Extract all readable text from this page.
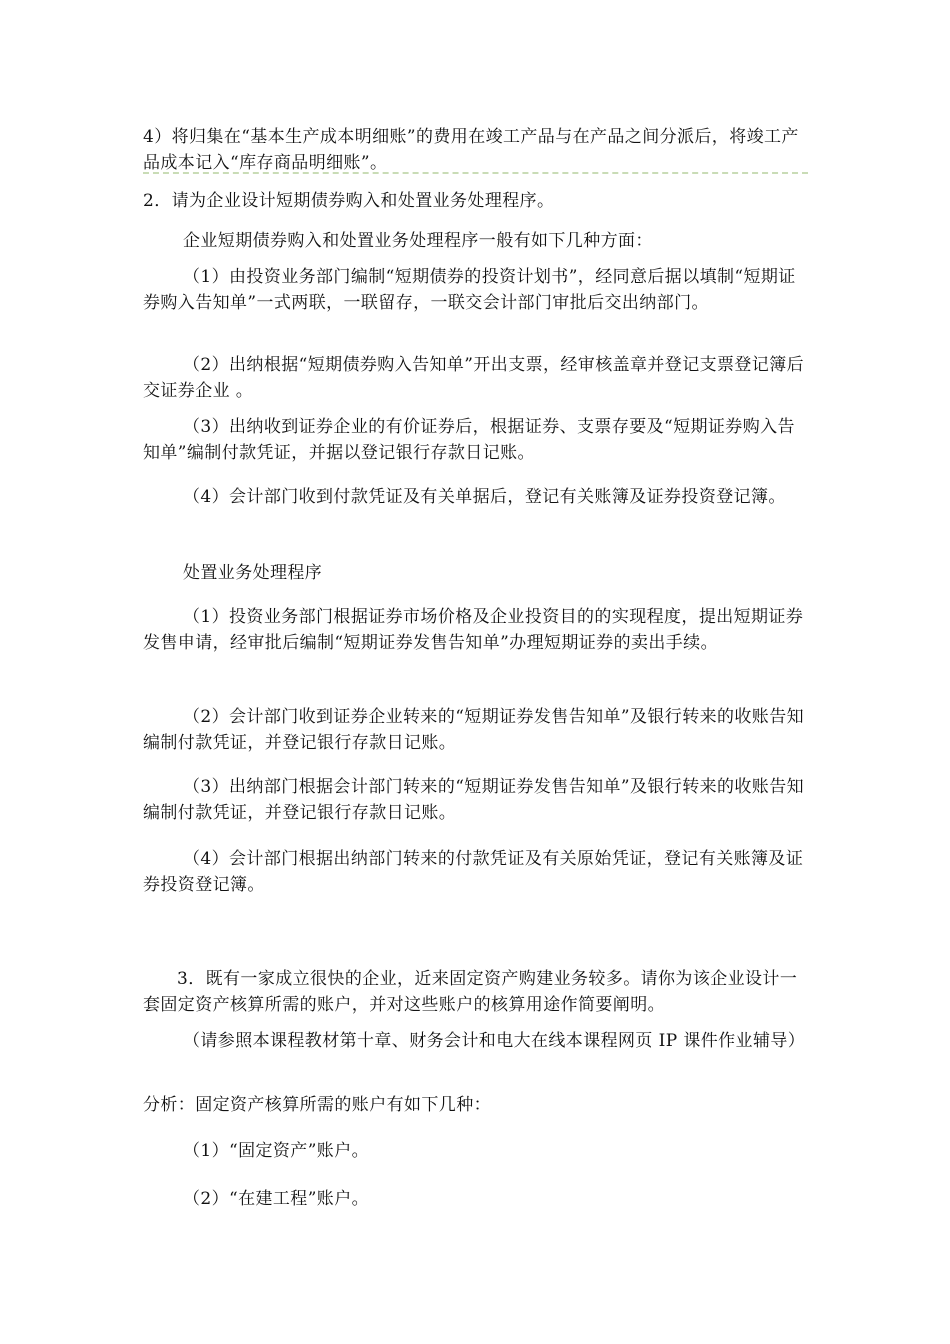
4）将归集在“基本生产成本明细账”的费用在竣工产品与在产品之间分派后，将竣工产品成本记入“库存商品明细账”。

2．请为企业设计短期债券购入和处置业务处理程序。

企业短期债券购入和处置业务处理程序一般有如下几种方面：

（1）由投资业务部门编制“短期债券的投资计划书”，经同意后据以填制“短期证券购入告知单”一式两联，一联留存，一联交会计部门审批后交出纳部门。

（2）出纳根据“短期债券购入告知单”开出支票，经审核盖章并登记支票登记簿后交证券企业 。

（3）出纳收到证券企业的有价证券后，根据证券、支票存要及“短期证券购入告知单”编制付款凭证，并据以登记银行存款日记账。

（4）会计部门收到付款凭证及有关单据后，登记有关账簿及证券投资登记簿。

处置业务处理程序

（1）投资业务部门根据证券市场价格及企业投资目的的实现程度，提出短期证券发售申请，经审批后编制“短期证券发售告知单”办理短期证券的卖出手续。

（2）会计部门收到证券企业转来的“短期证券发售告知单”及银行转来的收账告知编制付款凭证，并登记银行存款日记账。

（3）出纳部门根据会计部门转来的“短期证券发售告知单”及银行转来的收账告知编制付款凭证，并登记银行存款日记账。

（4）会计部门根据出纳部门转来的付款凭证及有关原始凭证，登记有关账簿及证券投资登记簿。

3．既有一家成立很快的企业，近来固定资产购建业务较多。请你为该企业设计一套固定资产核算所需的账户，并对这些账户的核算用途作简要阐明。

（请参照本课程教材第十章、财务会计和电大在线本课程网页 IP 课件作业辅导）

分析：固定资产核算所需的账户有如下几种：

（1）“固定资产”账户。

（2）“在建工程”账户。
